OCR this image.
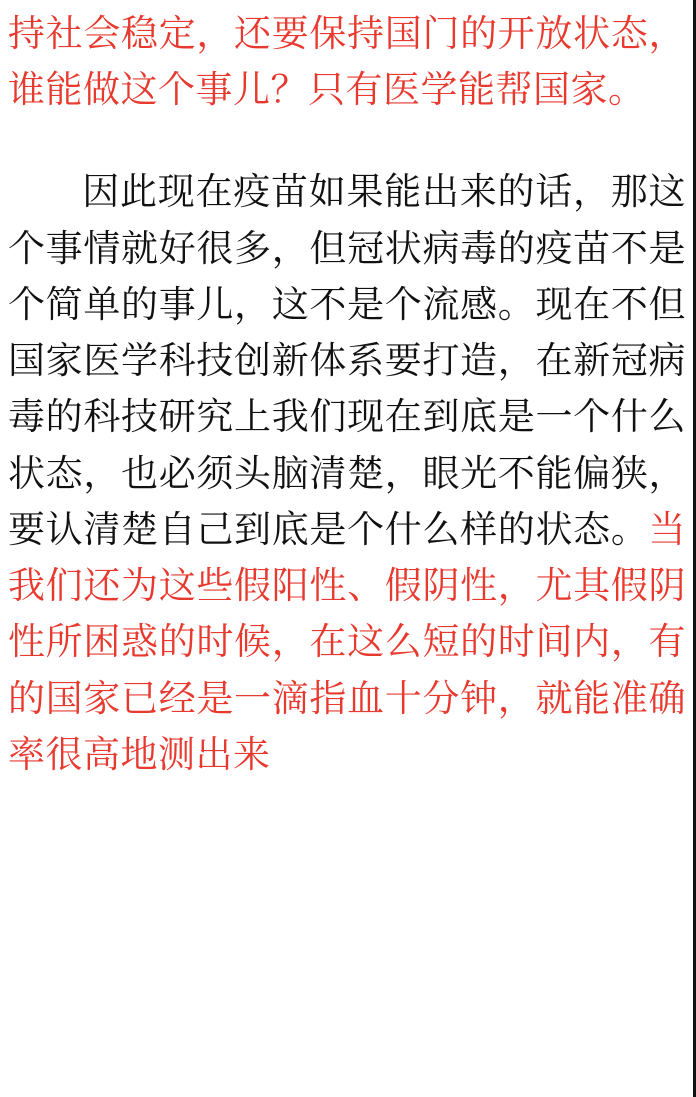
持社会稳定，还要保持国门的开放状态，谁能做这个事儿？只有医学能帮国家。

因此现在疫苗如果能出来的话，那这个事情就好很多，但冠状病毒的疫苗不是个简单的事儿，这不是个流感。现在不但国家医学科技创新体系要打造，在新冠病毒的科技研究上我们现在到底是一个什么状态，也必须头脑清楚，眼光不能偏狭，要认清楚自己到底是个什么样的状态。当我们还为这些假阳性、假阴性，尤其假阴性所困惑的时候，在这么短的时间内，有的国家已经是一滴指血十分钟，就能准确率很高地测出来
